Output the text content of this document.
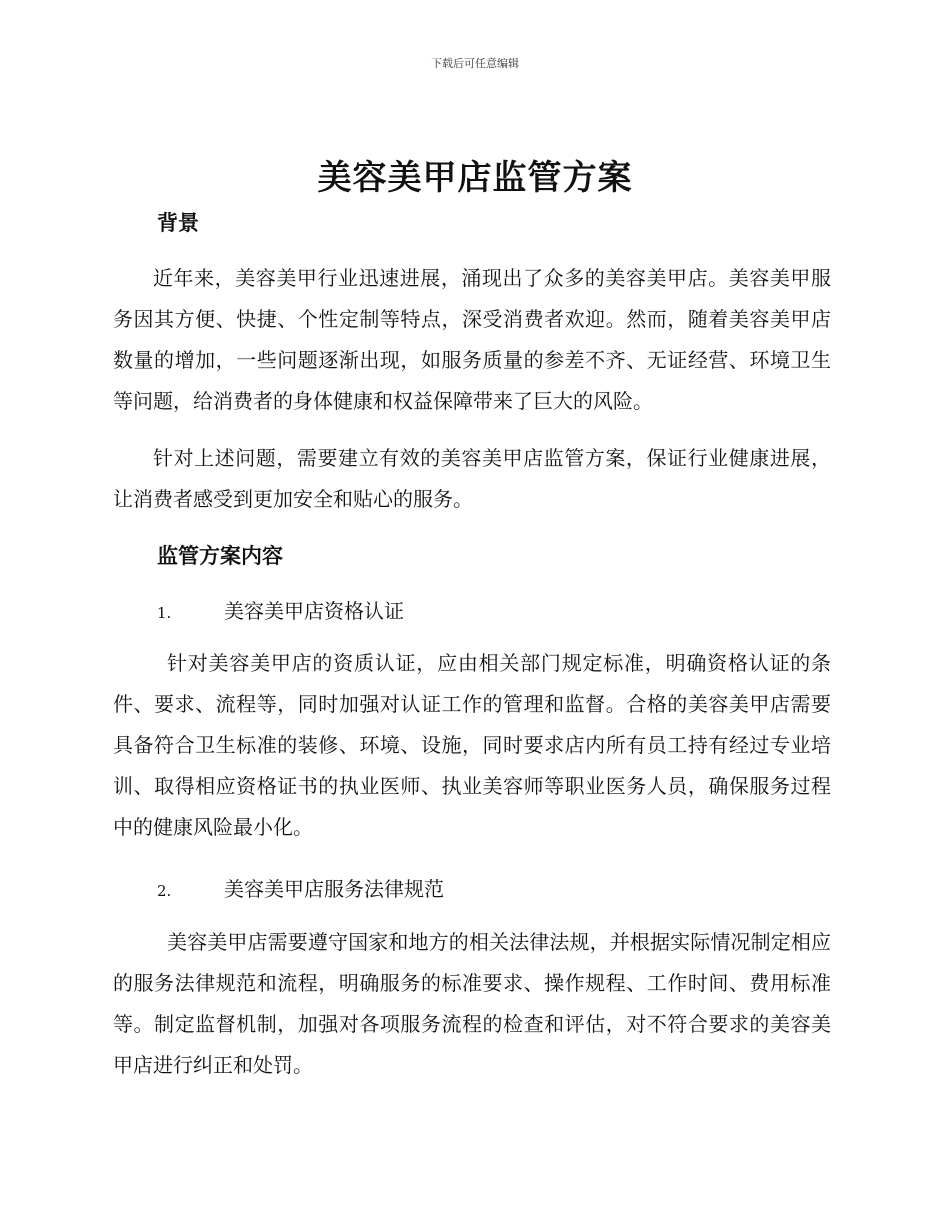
下载后可任意编辑
美容美甲店监管方案
背景
近年来，美容美甲行业迅速进展，涌现出了众多的美容美甲店。美容美甲服务因其方便、快捷、个性定制等特点，深受消费者欢迎。然而，随着美容美甲店数量的增加，一些问题逐渐出现，如服务质量的参差不齐、无证经营、环境卫生等问题，给消费者的身体健康和权益保障带来了巨大的风险。
针对上述问题，需要建立有效的美容美甲店监管方案，保证行业健康进展，让消费者感受到更加安全和贴心的服务。
监管方案内容
1.	美容美甲店资格认证
针对美容美甲店的资质认证，应由相关部门规定标准，明确资格认证的条件、要求、流程等，同时加强对认证工作的管理和监督。合格的美容美甲店需要具备符合卫生标准的装修、环境、设施，同时要求店内所有员工持有经过专业培训、取得相应资格证书的执业医师、执业美容师等职业医务人员，确保服务过程中的健康风险最小化。
2.	美容美甲店服务法律规范
美容美甲店需要遵守国家和地方的相关法律法规，并根据实际情况制定相应的服务法律规范和流程，明确服务的标准要求、操作规程、工作时间、费用标准等。制定监督机制，加强对各项服务流程的检查和评估，对不符合要求的美容美甲店进行纠正和处罚。
